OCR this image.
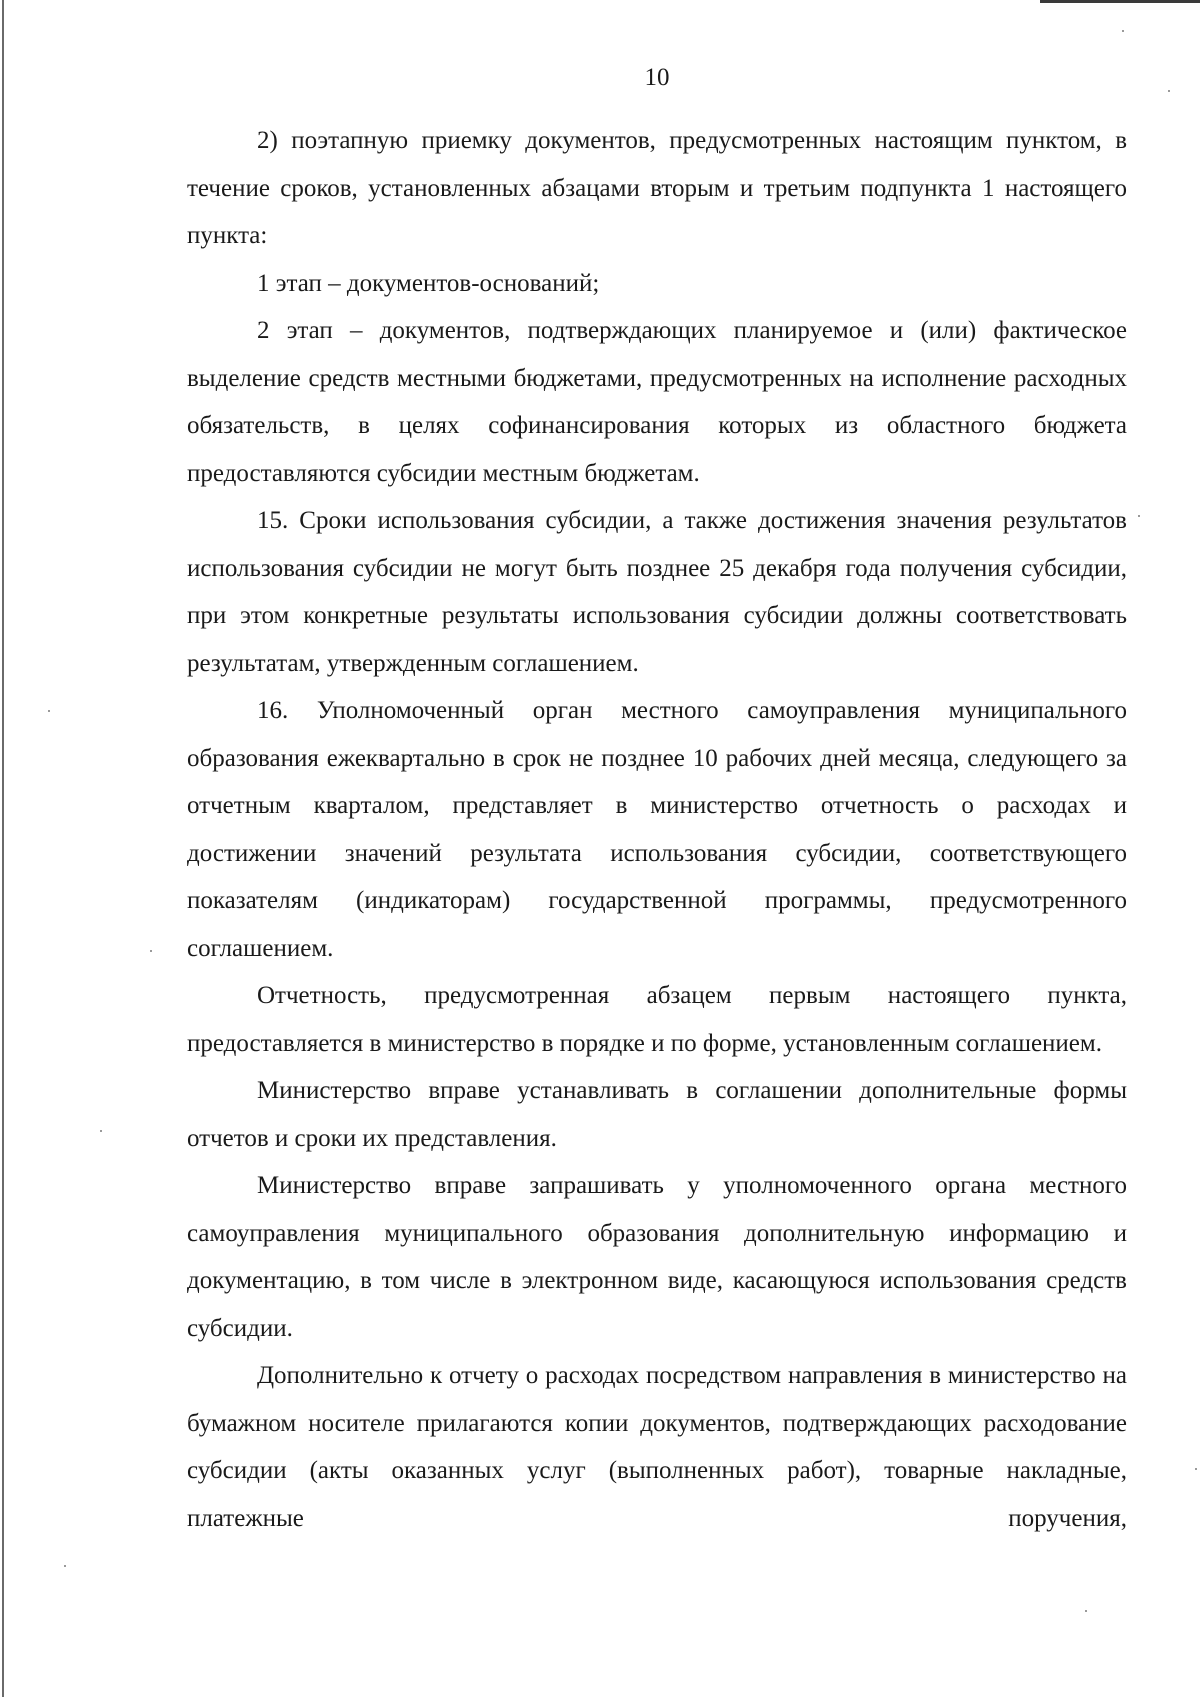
10

2) поэтапную приемку документов, предусмотренных настоящим пунктом, в течение сроков, установленных абзацами вторым и третьим подпункта 1 настоящего пункта:

1 этап – документов-оснований;

2 этап – документов, подтверждающих планируемое и (или) фактическое выделение средств местными бюджетами, предусмотренных на исполнение расходных обязательств, в целях софинансирования которых из областного бюджета предоставляются субсидии местным бюджетам.

15. Сроки использования субсидии, а также достижения значения результатов использования субсидии не могут быть позднее 25 декабря года получения субсидии, при этом конкретные результаты использования субсидии должны соответствовать результатам, утвержденным соглашением.

16. Уполномоченный орган местного самоуправления муниципального образования ежеквартально в срок не позднее 10 рабочих дней месяца, следующего за отчетным кварталом, представляет в министерство отчетность о расходах и достижении значений результата использования субсидии, соответствующего показателям (индикаторам) государственной программы, предусмотренного соглашением.

Отчетность, предусмотренная абзацем первым настоящего пункта, предоставляется в министерство в порядке и по форме, установленным соглашением.

Министерство вправе устанавливать в соглашении дополнительные формы отчетов и сроки их представления.

Министерство вправе запрашивать у уполномоченного органа местного самоуправления муниципального образования дополнительную информацию и документацию, в том числе в электронном виде, касающуюся использования средств субсидии.

Дополнительно к отчету о расходах посредством направления в министерство на бумажном носителе прилагаются копии документов, подтверждающих расходование субсидии (акты оказанных услуг (выполненных работ), товарные накладные, платежные поручения,
